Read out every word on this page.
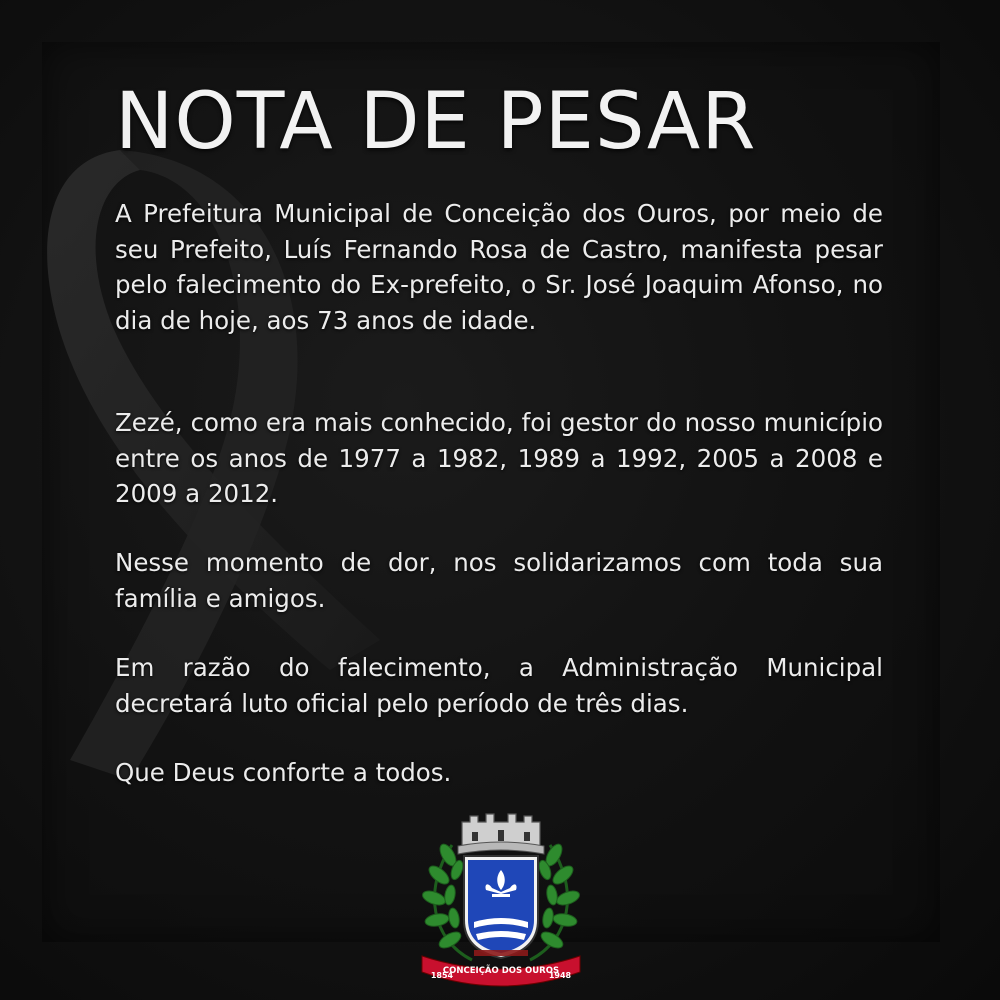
NOTA DE PESAR

A Prefeitura Municipal de Conceição dos Ouros, por meio de seu Prefeito, Luís Fernando Rosa de Castro, manifesta pesar pelo falecimento do Ex-prefeito, o Sr. José Joaquim Afonso, no dia de hoje, aos 73 anos de idade.

Zezé, como era mais conhecido, foi gestor do nosso município entre os anos de 1977 a 1982, 1989 a 1992, 2005 a 2008 e 2009 a 2012.

Nesse momento de dor, nos solidarizamos com toda sua família e amigos.

Em razão do falecimento, a Administração Municipal decretará luto oficial pelo período de três dias.

Que Deus conforte a todos.

CONCEIÇÃO DOS OUROS
1854	1948
